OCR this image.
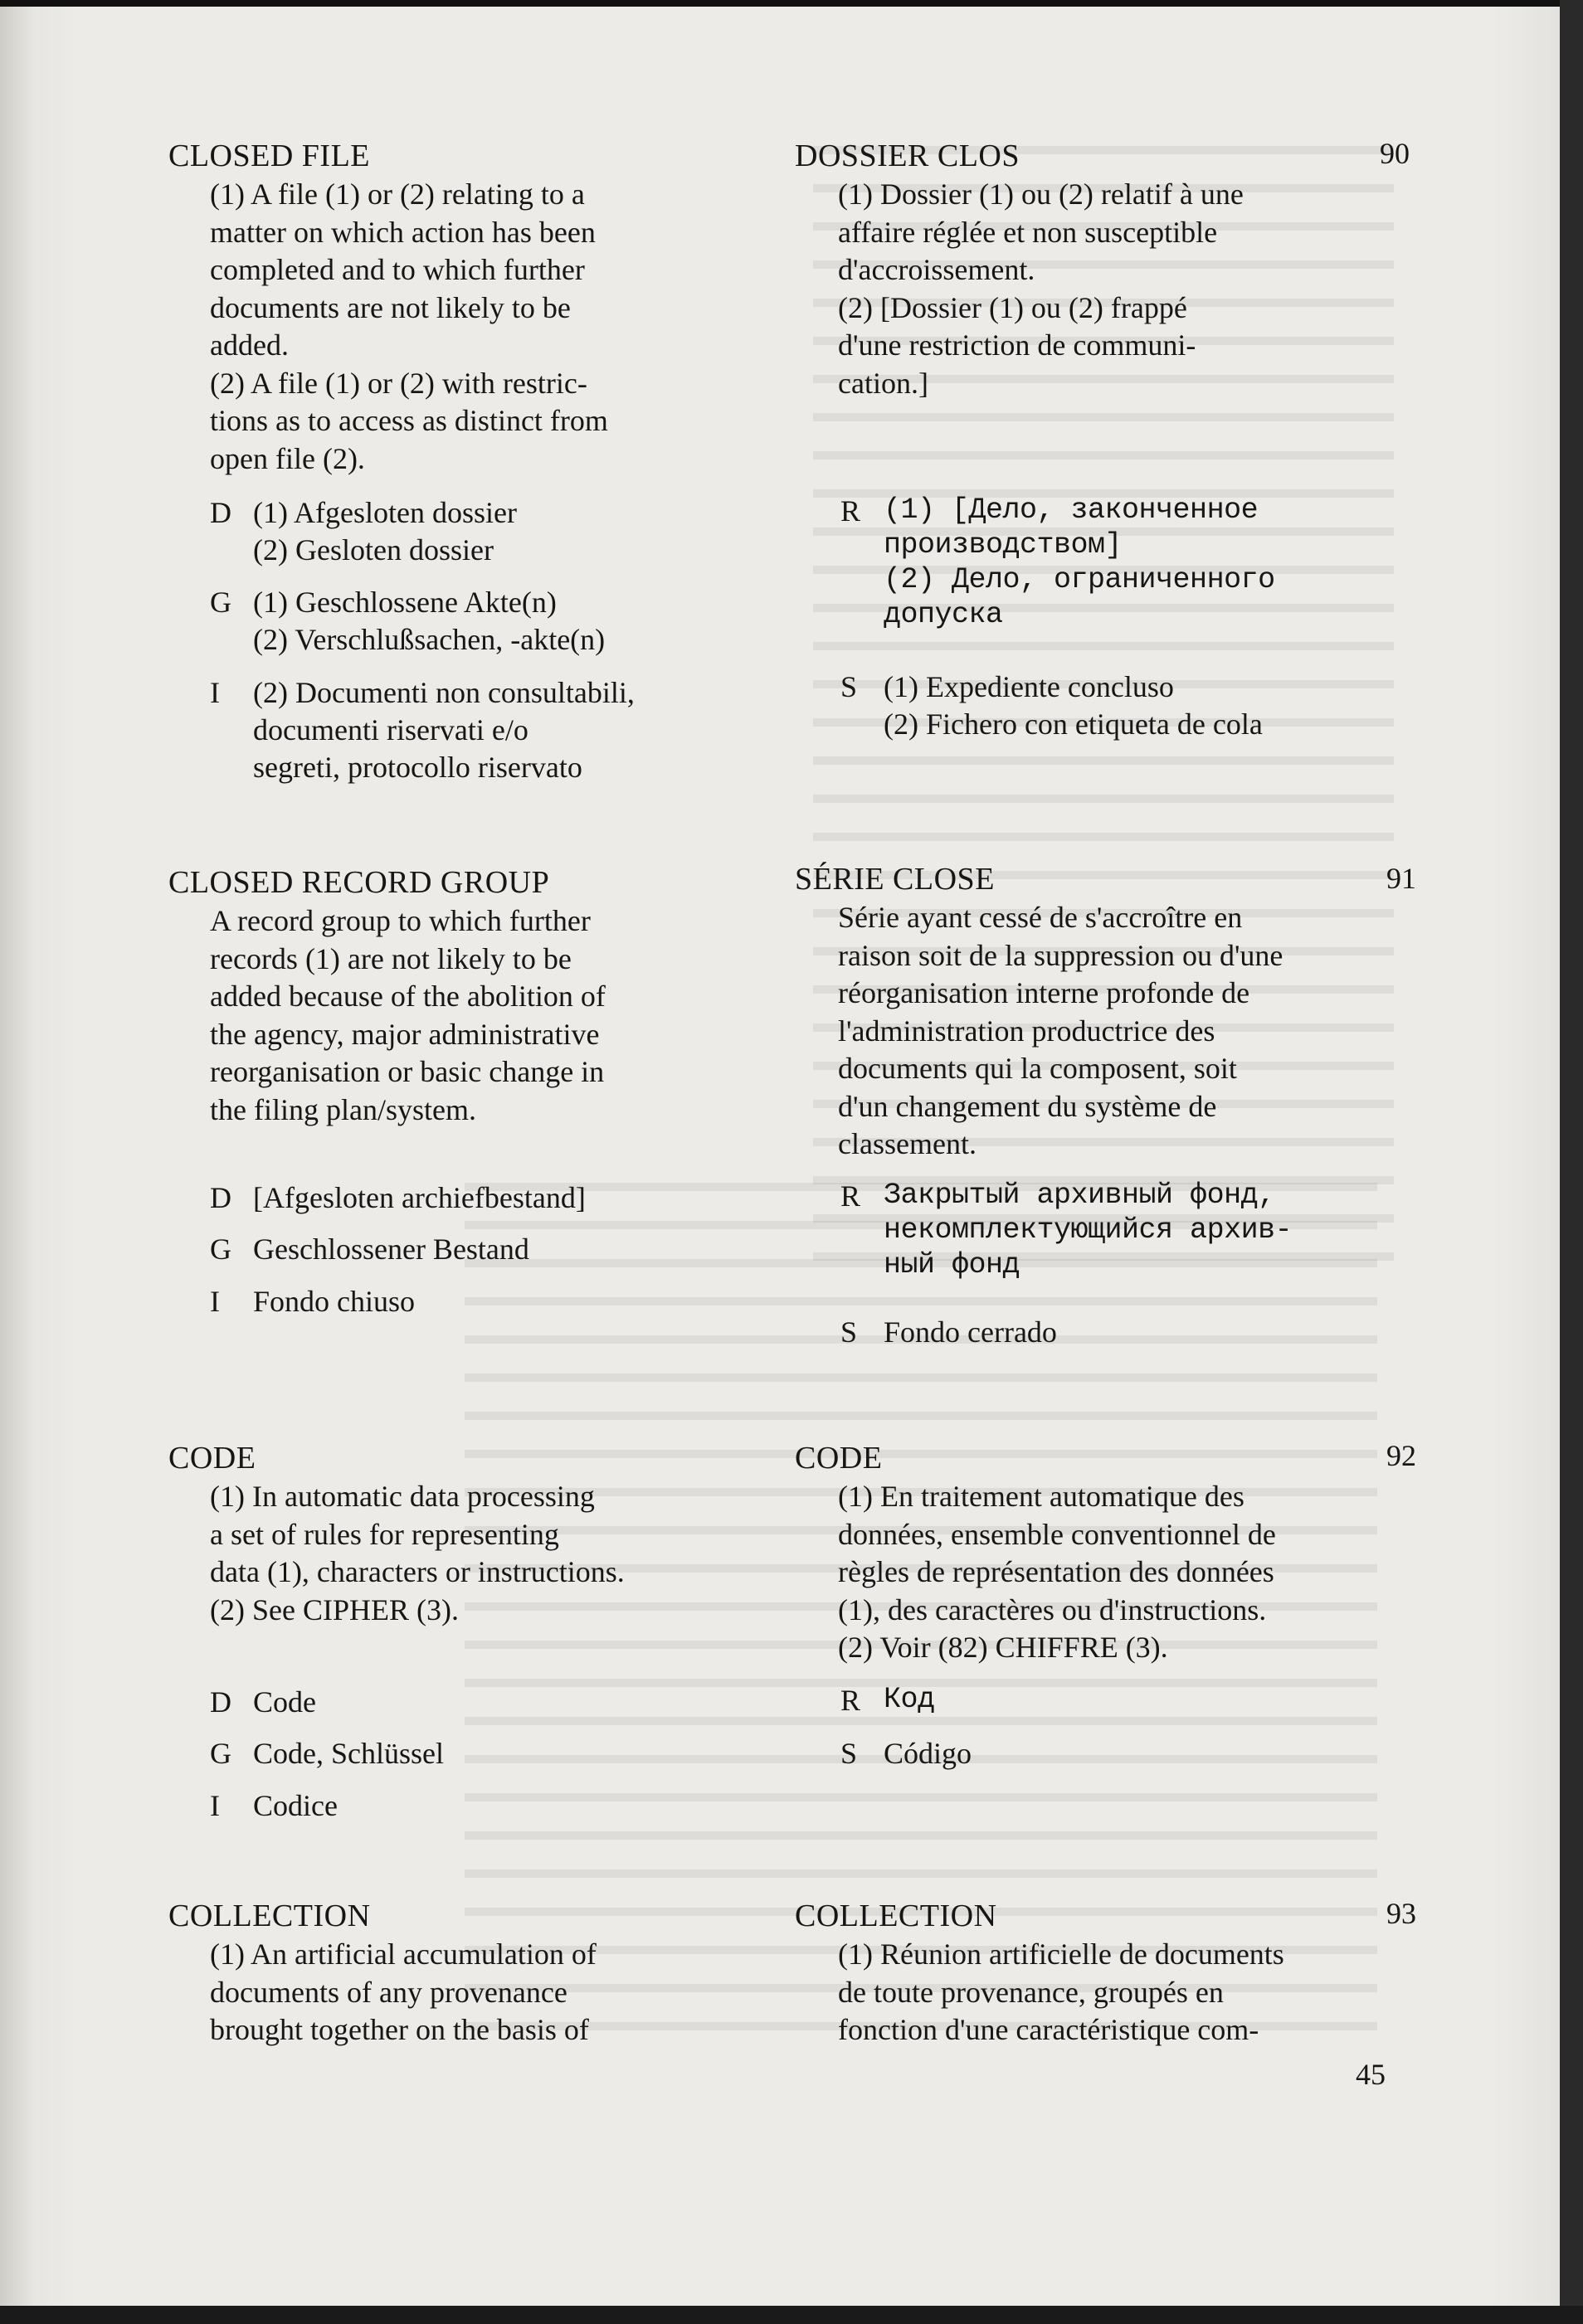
CLOSED FILE
(1) A file (1) or (2) relating to a
matter on which action has been
completed and to which further
documents are not likely to be
added.
(2) A file (1) or (2) with restric-
tions as to access as distinct from
open file (2).
DOSSIER CLOS
(1) Dossier (1) ou (2) relatif à une
affaire réglée et non susceptible
d'accroissement.
(2) [Dossier (1) ou (2) frappé
d'une restriction de communi-
cation.]
90
D (1) Afgesloten dossier
(2) Gesloten dossier
G (1) Geschlossene Akte(n)
(2) Verschlußsachen, -akte(n)
I (2) Documenti non consultabili,
documenti riservati e/o
segreti, protocollo riservato
R (1) [Дело, законченное
производством]
(2) Дело, ограниченного
допуска
S (1) Expediente concluso
(2) Fichero con etiqueta de cola
CLOSED RECORD GROUP
A record group to which further
records (1) are not likely to be
added because of the abolition of
the agency, major administrative
reorganisation or basic change in
the filing plan/system.
SÉRIE CLOSE
Série ayant cessé de s'accroître en
raison soit de la suppression ou d'une
réorganisation interne profonde de
l'administration productrice des
documents qui la composent, soit
d'un changement du système de
classement.
91
D [Afgesloten archiefbestand]
G Geschlossener Bestand
I Fondo chiuso
R Закрытый архивный фонд,
некомплектующийся архив-
ный фонд
S Fondo cerrado
CODE
(1) In automatic data processing
a set of rules for representing
data (1), characters or instructions.
(2) See CIPHER (3).
CODE
(1) En traitement automatique des
données, ensemble conventionnel de
règles de représentation des données
(1), des caractères ou d'instructions.
(2) Voir (82) CHIFFRE (3).
92
D Code
G Code, Schlüssel
I Codice
R Код
S Código
COLLECTION
(1) An artificial accumulation of
documents of any provenance
brought together on the basis of
COLLECTION
(1) Réunion artificielle de documents
de toute provenance, groupés en
fonction d'une caractéristique com-
93
45
